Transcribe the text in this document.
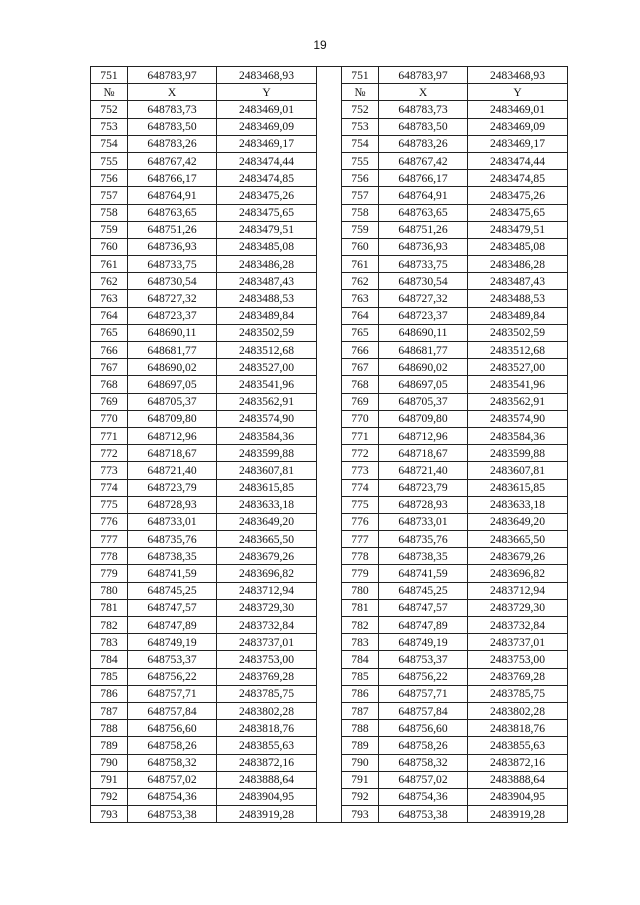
19
751	648783,97	2483468,93		751	648783,97	2483468,93
№	X	Y		№	X	Y
752	648783,73	2483469,01		752	648783,73	2483469,01
753	648783,50	2483469,09		753	648783,50	2483469,09
754	648783,26	2483469,17		754	648783,26	2483469,17
755	648767,42	2483474,44		755	648767,42	2483474,44
756	648766,17	2483474,85		756	648766,17	2483474,85
757	648764,91	2483475,26		757	648764,91	2483475,26
758	648763,65	2483475,65		758	648763,65	2483475,65
759	648751,26	2483479,51		759	648751,26	2483479,51
760	648736,93	2483485,08		760	648736,93	2483485,08
761	648733,75	2483486,28		761	648733,75	2483486,28
762	648730,54	2483487,43		762	648730,54	2483487,43
763	648727,32	2483488,53		763	648727,32	2483488,53
764	648723,37	2483489,84		764	648723,37	2483489,84
765	648690,11	2483502,59		765	648690,11	2483502,59
766	648681,77	2483512,68		766	648681,77	2483512,68
767	648690,02	2483527,00		767	648690,02	2483527,00
768	648697,05	2483541,96		768	648697,05	2483541,96
769	648705,37	2483562,91		769	648705,37	2483562,91
770	648709,80	2483574,90		770	648709,80	2483574,90
771	648712,96	2483584,36		771	648712,96	2483584,36
772	648718,67	2483599,88		772	648718,67	2483599,88
773	648721,40	2483607,81		773	648721,40	2483607,81
774	648723,79	2483615,85		774	648723,79	2483615,85
775	648728,93	2483633,18		775	648728,93	2483633,18
776	648733,01	2483649,20		776	648733,01	2483649,20
777	648735,76	2483665,50		777	648735,76	2483665,50
778	648738,35	2483679,26		778	648738,35	2483679,26
779	648741,59	2483696,82		779	648741,59	2483696,82
780	648745,25	2483712,94		780	648745,25	2483712,94
781	648747,57	2483729,30		781	648747,57	2483729,30
782	648747,89	2483732,84		782	648747,89	2483732,84
783	648749,19	2483737,01		783	648749,19	2483737,01
784	648753,37	2483753,00		784	648753,37	2483753,00
785	648756,22	2483769,28		785	648756,22	2483769,28
786	648757,71	2483785,75		786	648757,71	2483785,75
787	648757,84	2483802,28		787	648757,84	2483802,28
788	648756,60	2483818,76		788	648756,60	2483818,76
789	648758,26	2483855,63		789	648758,26	2483855,63
790	648758,32	2483872,16		790	648758,32	2483872,16
791	648757,02	2483888,64		791	648757,02	2483888,64
792	648754,36	2483904,95		792	648754,36	2483904,95
793	648753,38	2483919,28		793	648753,38	2483919,28
